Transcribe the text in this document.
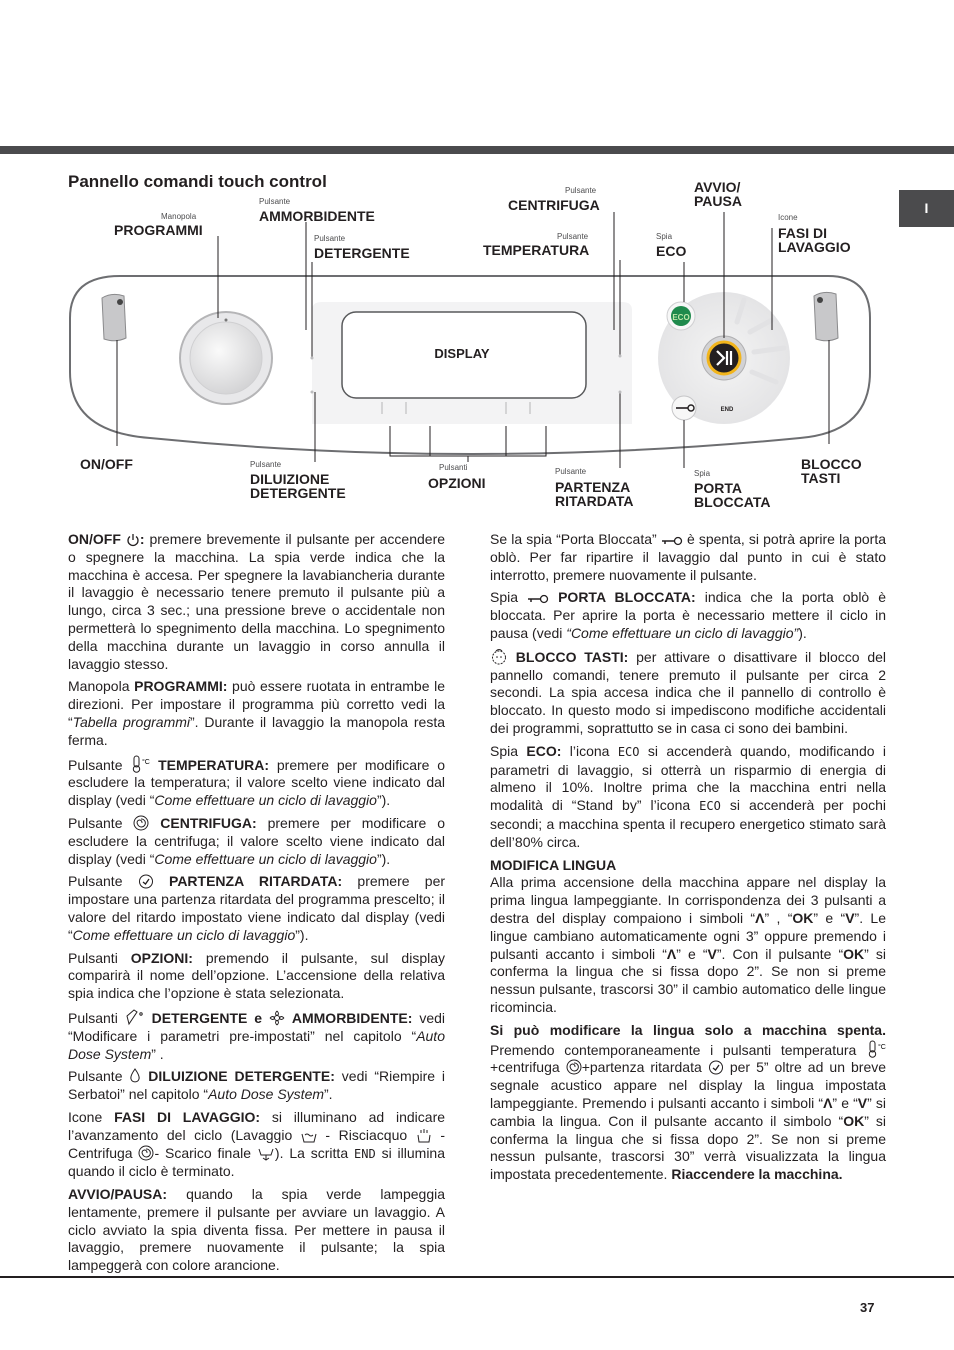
I
Pannello comandi touch control
ECO
END
DISPLAY
Manopola
PROGRAMMI
Pulsante
AMMORBIDENTE
Pulsante
DETERGENTE
Pulsante
CENTRIFUGA
Pulsante
TEMPERATURA
AVVIO/
PAUSA
Spia
ECO
Icone
FASI DI
LAVAGGIO
ON/OFF	Pulsante
DILUIZIONE
DETERGENTE
Pulsanti
OPZIONI
Pulsante
PARTENZA
RITARDATA
Spia
PORTA
BLOCCATA
BLOCCO
TASTI

ON/OFF : premere brevemente il pulsante per accendere o spegnere la macchina. La spia verde indica che la macchina è accesa. Per spegnere la lavabiancheria durante il lavaggio è necessario tenere premuto il pulsante più a lungo, circa 3 sec.; una pressione breve o accidentale non permetterà lo spegnimento della macchina. Lo spegnimento della macchina durante un lavaggio in corso annulla il lavaggio stesso.

Manopola PROGRAMMI: può essere ruotata in entrambe le direzioni. Per impostare il programma più corretto vedi la “Tabella programmi”. Durante il lavaggio la manopola resta ferma.

Pulsante	°C TEMPERATURA: premere per modificare o escludere la temperatura; il valore scelto viene indicato dal display (vedi “Come effettuare un ciclo di lavaggio”).

Pulsante	CENTRIFUGA: premere per modificare o escludere la centrifuga; il valore scelto viene indicato dal display (vedi “Come effettuare un ciclo di lavaggio”).

Pulsante	PARTENZA RITARDATA: premere per impostare una partenza ritardata del programma prescelto; il valore del ritardo impostato viene indicato dal display (vedi “Come effettuare un ciclo di lavaggio”).

Pulsanti OPZIONI: premendo il pulsante, sul display comparirà il nome dell’opzione. L’accensione della relativa spia indica che l’opzione è stata selezionata.

Pulsanti DETERGENTE e AMMORBIDENTE: vedi “Modificare i parametri pre-impostati” nel capitolo “Auto Dose System” .

Pulsante DILUIZIONE DETERGENTE: vedi “Riempire i Serbatoi” nel capitolo “Auto Dose System”.

Icone FASI DI LAVAGGIO: si illuminano ad indicare l’avanzamento del ciclo (Lavaggio - Risciacquo - Centrifuga - Scarico finale ). La scritta END si illumina quando il ciclo è terminato.

AVVIO/PAUSA: quando la spia verde lampeggia lentamente, premere il pulsante per avviare un lavaggio. A ciclo avviato la spia diventa fissa. Per mettere in pausa il lavaggio, premere nuovamente il pulsante; la spia lampeggerà con colore arancione.

Se la spia “Porta Bloccata” è spenta, si potrà aprire la porta oblò. Per far ripartire il lavaggio dal punto in cui è stato interrotto, premere nuovamente il pulsante.

Spia	PORTA BLOCCATA: indica che la porta oblò è bloccata. Per aprire la porta è necessario mettere il ciclo in pausa (vedi “Come effettuare un ciclo di lavaggio”).

BLOCCO TASTI: per attivare o disattivare il blocco del pannello comandi, tenere premuto il pulsante per circa 2 secondi. La spia accesa indica che il pannello di controllo è bloccato. In questo modo si impediscono modifiche accidentali dei programmi, soprattutto se in casa ci sono dei bambini.

Spia ECO: l’icona ECO si accenderà quando, modificando i parametri di lavaggio, si otterrà un risparmio di energia di almeno il 10%. Inoltre prima che la macchina entri nella modalità di “Stand by” l’icona ECO si accenderà per pochi secondi; a macchina spenta il recupero energetico stimato sarà dell’80% circa.

MODIFICA LINGUA

Alla prima accensione della macchina appare nel display la prima lingua lampeggiante. In corrispondenza dei 3 pulsanti a destra del display compaiono i simboli “Λ” , “OK” e “V”. Le lingue cambiano automaticamente ogni 3” oppure premendo i pulsanti accanto i simboli “Λ” e “V”. Con il pulsante “OK” si conferma la lingua che si fissa dopo 2”. Se non si preme nessun pulsante, trascorsi 30” il cambio automatico delle lingue ricomincia.

Si può modificare la lingua solo a macchina spenta. Premendo contemporaneamente i pulsanti temperatura	°C
+centrifuga +partenza ritardata per 5” oltre ad un breve segnale acustico appare nel display la lingua impostata lampeggiante. Premendo i pulsanti accanto i simboli “Λ” e “V” si cambia la lingua. Con il pulsante accanto il simbolo “OK” si conferma la lingua che si fissa dopo 2”. Se non si preme nessun pulsante, trascorsi 30” verrà visualizzata la lingua impostata precedentemente. Riaccendere la macchina.

37
